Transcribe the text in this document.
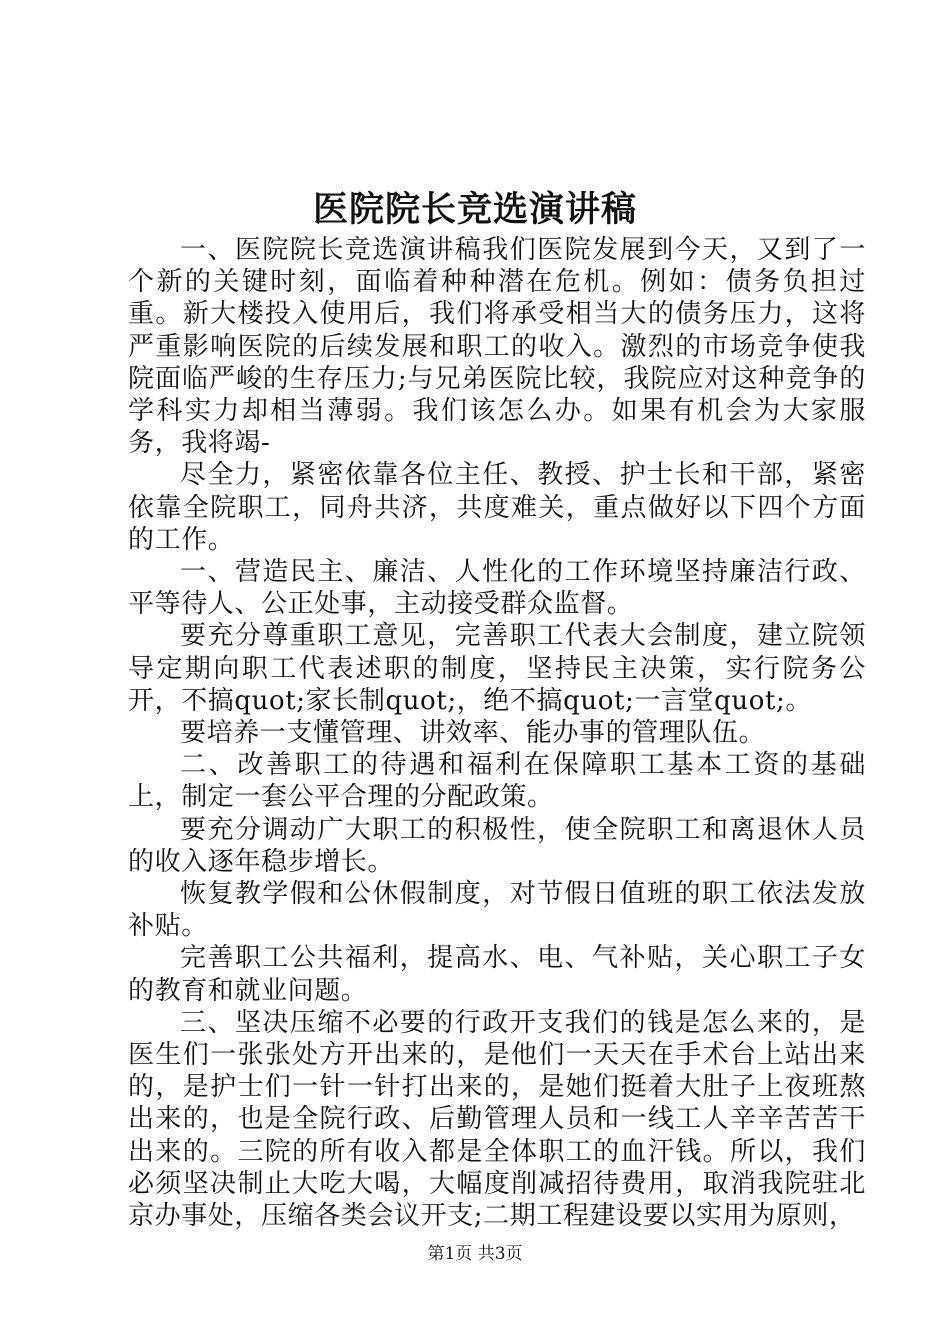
医院院长竞选演讲稿

一、医院院长竞选演讲稿我们医院发展到今天，又到了一个新的关键时刻，面临着种种潜在危机。例如：债务负担过重。新大楼投入使用后，我们将承受相当大的债务压力，这将严重影响医院的后续发展和职工的收入。激烈的市场竞争使我院面临严峻的生存压力;与兄弟医院比较，我院应对这种竞争的学科实力却相当薄弱。我们该怎么办。如果有机会为大家服务，我将竭-

尽全力，紧密依靠各位主任、教授、护士长和干部，紧密依靠全院职工，同舟共济，共度难关，重点做好以下四个方面的工作。

一、营造民主、廉洁、人性化的工作环境坚持廉洁行政、平等待人、公正处事，主动接受群众监督。

要充分尊重职工意见，完善职工代表大会制度，建立院领导定期向职工代表述职的制度，坚持民主决策，实行院务公开，不搞quot;家长制quot;，绝不搞quot;一言堂quot;。

要培养一支懂管理、讲效率、能办事的管理队伍。

二、改善职工的待遇和福利在保障职工基本工资的基础上，制定一套公平合理的分配政策。

要充分调动广大职工的积极性，使全院职工和离退休人员的收入逐年稳步增长。

恢复教学假和公休假制度，对节假日值班的职工依法发放补贴。

完善职工公共福利，提高水、电、气补贴，关心职工子女的教育和就业问题。

三、坚决压缩不必要的行政开支我们的钱是怎么来的，是医生们一张张处方开出来的，是他们一天天在手术台上站出来的，是护士们一针一针打出来的，是她们挺着大肚子上夜班熬出来的，也是全院行政、后勤管理人员和一线工人辛辛苦苦干出来的。三院的所有收入都是全体职工的血汗钱。所以，我们必须坚决制止大吃大喝，大幅度削减招待费用，取消我院驻北京办事处，压缩各类会议开支;二期工程建设要以实用为原则，

第1页 共3页
